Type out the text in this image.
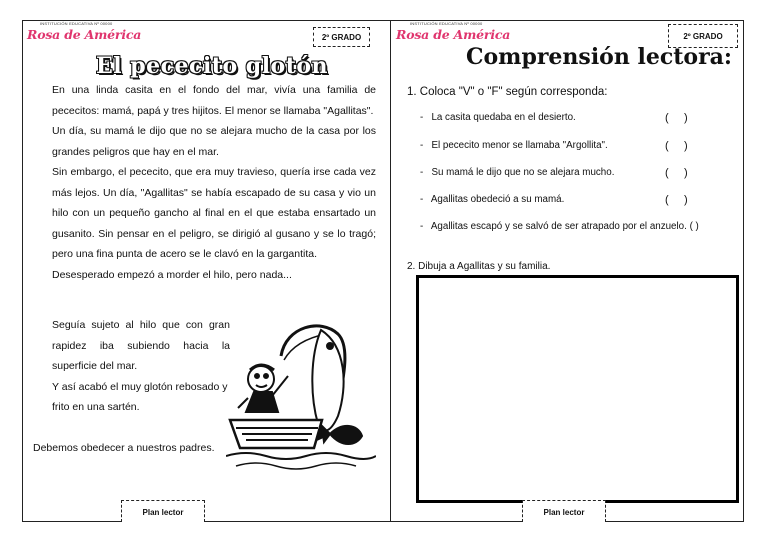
INSTITUCIÓN EDUCATIVA Nº 00000
Rosa de América	2º GRADO
INSTITUCIÓN EDUCATIVA Nº 00000
Rosa de América	2º GRADO
El pececito glotón

En una linda casita en el fondo del mar, vivía una familia de pececitos: mamá, papá y tres hijitos. El menor se llamaba "Agallitas".

Un día, su mamá le dijo que no se alejara mucho de la casa por los grandes peligros que hay en el mar.

Sin embargo, el pececito, que era muy travieso, quería irse cada vez más lejos. Un día, "Agallitas" se había escapado de su casa y vio un hilo con un pequeño gancho al final en el que estaba ensartado un gusanito. Sin pensar en el peligro, se dirigió al gusano y se lo tragó; pero una fina punta de acero se le clavó en la gargantita.

Desesperado empezó a morder el hilo, pero nada...

Seguía sujeto al hilo que con gran rapidez iba subiendo hacia la superficie del mar.

Y así acabó el muy glotón rebosado y frito en una sartén.

Debemos obedecer a nuestros padres.
Comprensión lectora:
1. Coloca "V" o "F" según corresponda:
- La casita quedaba en el desierto.	(     )
- El pececito menor se llamaba "Argollita".	(     )
- Su mamá le dijo que no se alejara mucho.	(     )
- Agallitas obedeció a su mamá.	(     )
- Agallitas escapó y se salvó de ser atrapado por el anzuelo. ( )
2. Dibuja a Agallitas y su familia.
Plan lector	Plan lector
